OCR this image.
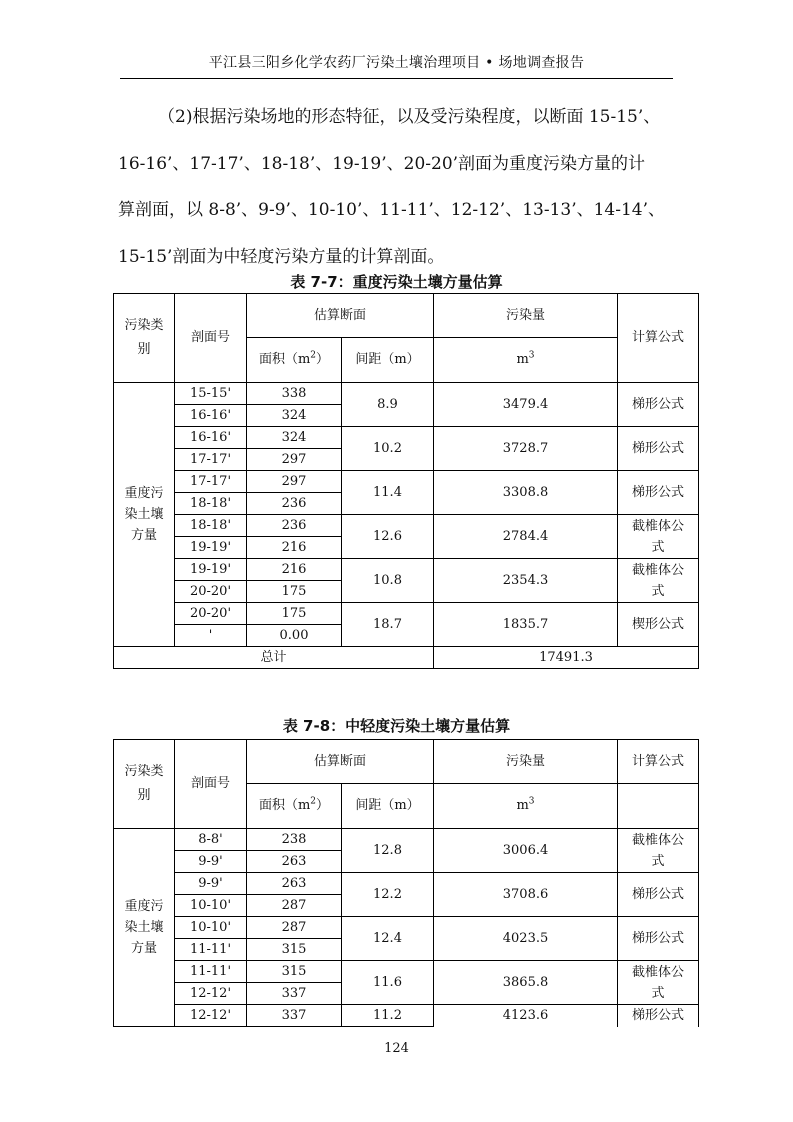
平江县三阳乡化学农药厂污染土壤治理项目 • 场地调查报告

（2)根据污染场地的形态特征，以及受污染程度，以断面 15-15’、

16-16’、17-17’、18-18’、19-19’、20-20’剖面为重度污染方量的计

算剖面，以 8-8’、9-9’、10-10’、11-11’、12-12’、13-13’、14-14’、

15-15’剖面为中轻度污染方量的计算剖面。

表 7-7：重度污染土壤方量估算
污染类别	剖面号	估算断面		污染量	计算公式
		面积$(m^2)$	间距（m）	$m^3$
重度污染土壤方量	15-15'	338	8.9	3479.4	梯形公式
	16-16'	324			
	16-16'	324	10.2	3728.7	梯形公式
	17-17'	297			
	17-17'	297	11.4	3308.8	梯形公式
	18-18'	236			
	18-18'	236	12.6	2784.4	截椎体公式
	19-19'	216			
	19-19'	216	10.8	2354.3	截椎体公式
	20-20'	175			
	20-20'	175	18.7	1835.7	楔形公式
	'	0.00			
总计				17491.3	
表 7-8：中轻度污染土壤方量估算
污染类别	剖面号	估算断面		污染量	计算公式
		面积$(m^2)$	间距（m）	$m^3$	
重度污染土壤方量	8-8'	238	12.8	3006.4	截椎体公式
	9-9'	263			
	9-9'	263	12.2	3708.6	梯形公式
	10-10'	287			
	10-10'	287	12.4	4023.5	梯形公式
	11-11'	315			
	11-11'	315	11.6	3865.8	截椎体公式
	12-12'	337			
	12-12'	337	11.2	4123.6	梯形公式
124
